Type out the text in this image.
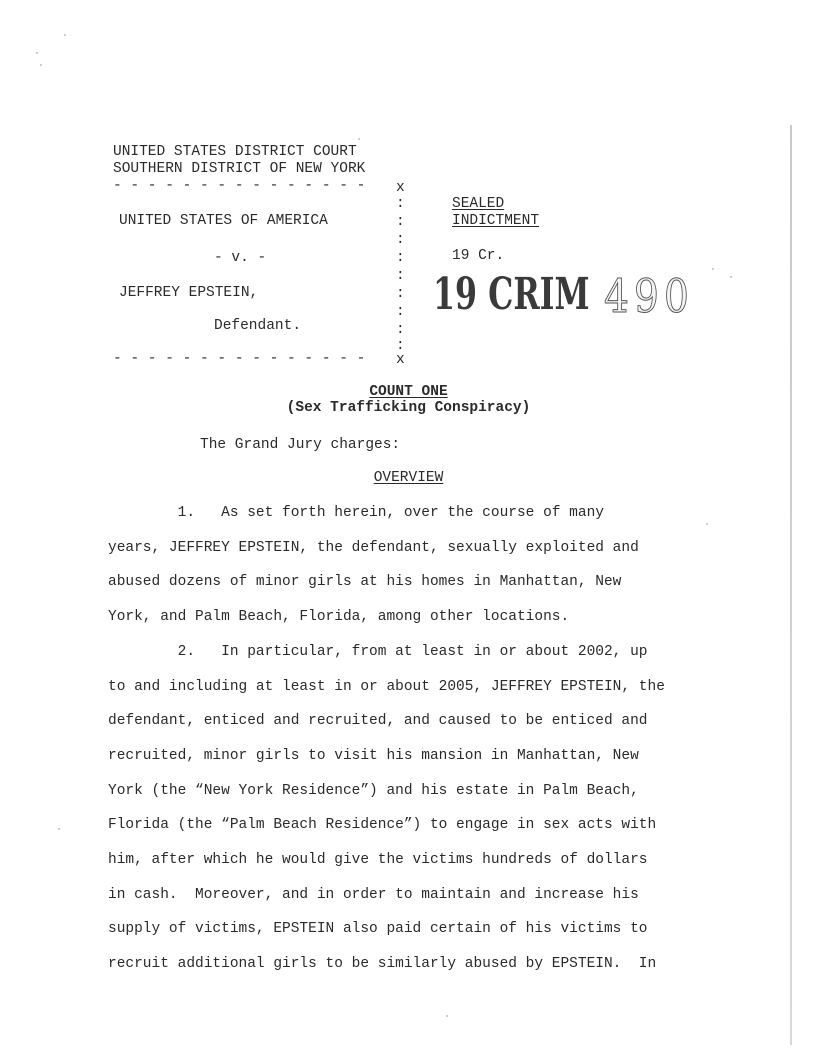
UNITED STATES DISTRICT COURT
SOUTHERN DISTRICT OF NEW YORK
- - - - - - - - - - - - - - - x
:
UNITED STATES OF AMERICA	:
:
- v. -	:
:
JEFFREY EPSTEIN,	:
:
Defendant.	:
:
- - - - - - - - - - - - - - - x
SEALED
INDICTMENT
19 Cr.
19 CRIM 490
COUNT ONE
(Sex Trafficking Conspiracy)
The Grand Jury charges:
OVERVIEW
1.   As set forth herein, over the course of many
years, JEFFREY EPSTEIN, the defendant, sexually exploited and
abused dozens of minor girls at his homes in Manhattan, New
York, and Palm Beach, Florida, among other locations.
2.   In particular, from at least in or about 2002, up
to and including at least in or about 2005, JEFFREY EPSTEIN, the
defendant, enticed and recruited, and caused to be enticed and
recruited, minor girls to visit his mansion in Manhattan, New
York (the “New York Residence”) and his estate in Palm Beach,
Florida (the “Palm Beach Residence”) to engage in sex acts with
him, after which he would give the victims hundreds of dollars
in cash.  Moreover, and in order to maintain and increase his
supply of victims, EPSTEIN also paid certain of his victims to
recruit additional girls to be similarly abused by EPSTEIN.  In
